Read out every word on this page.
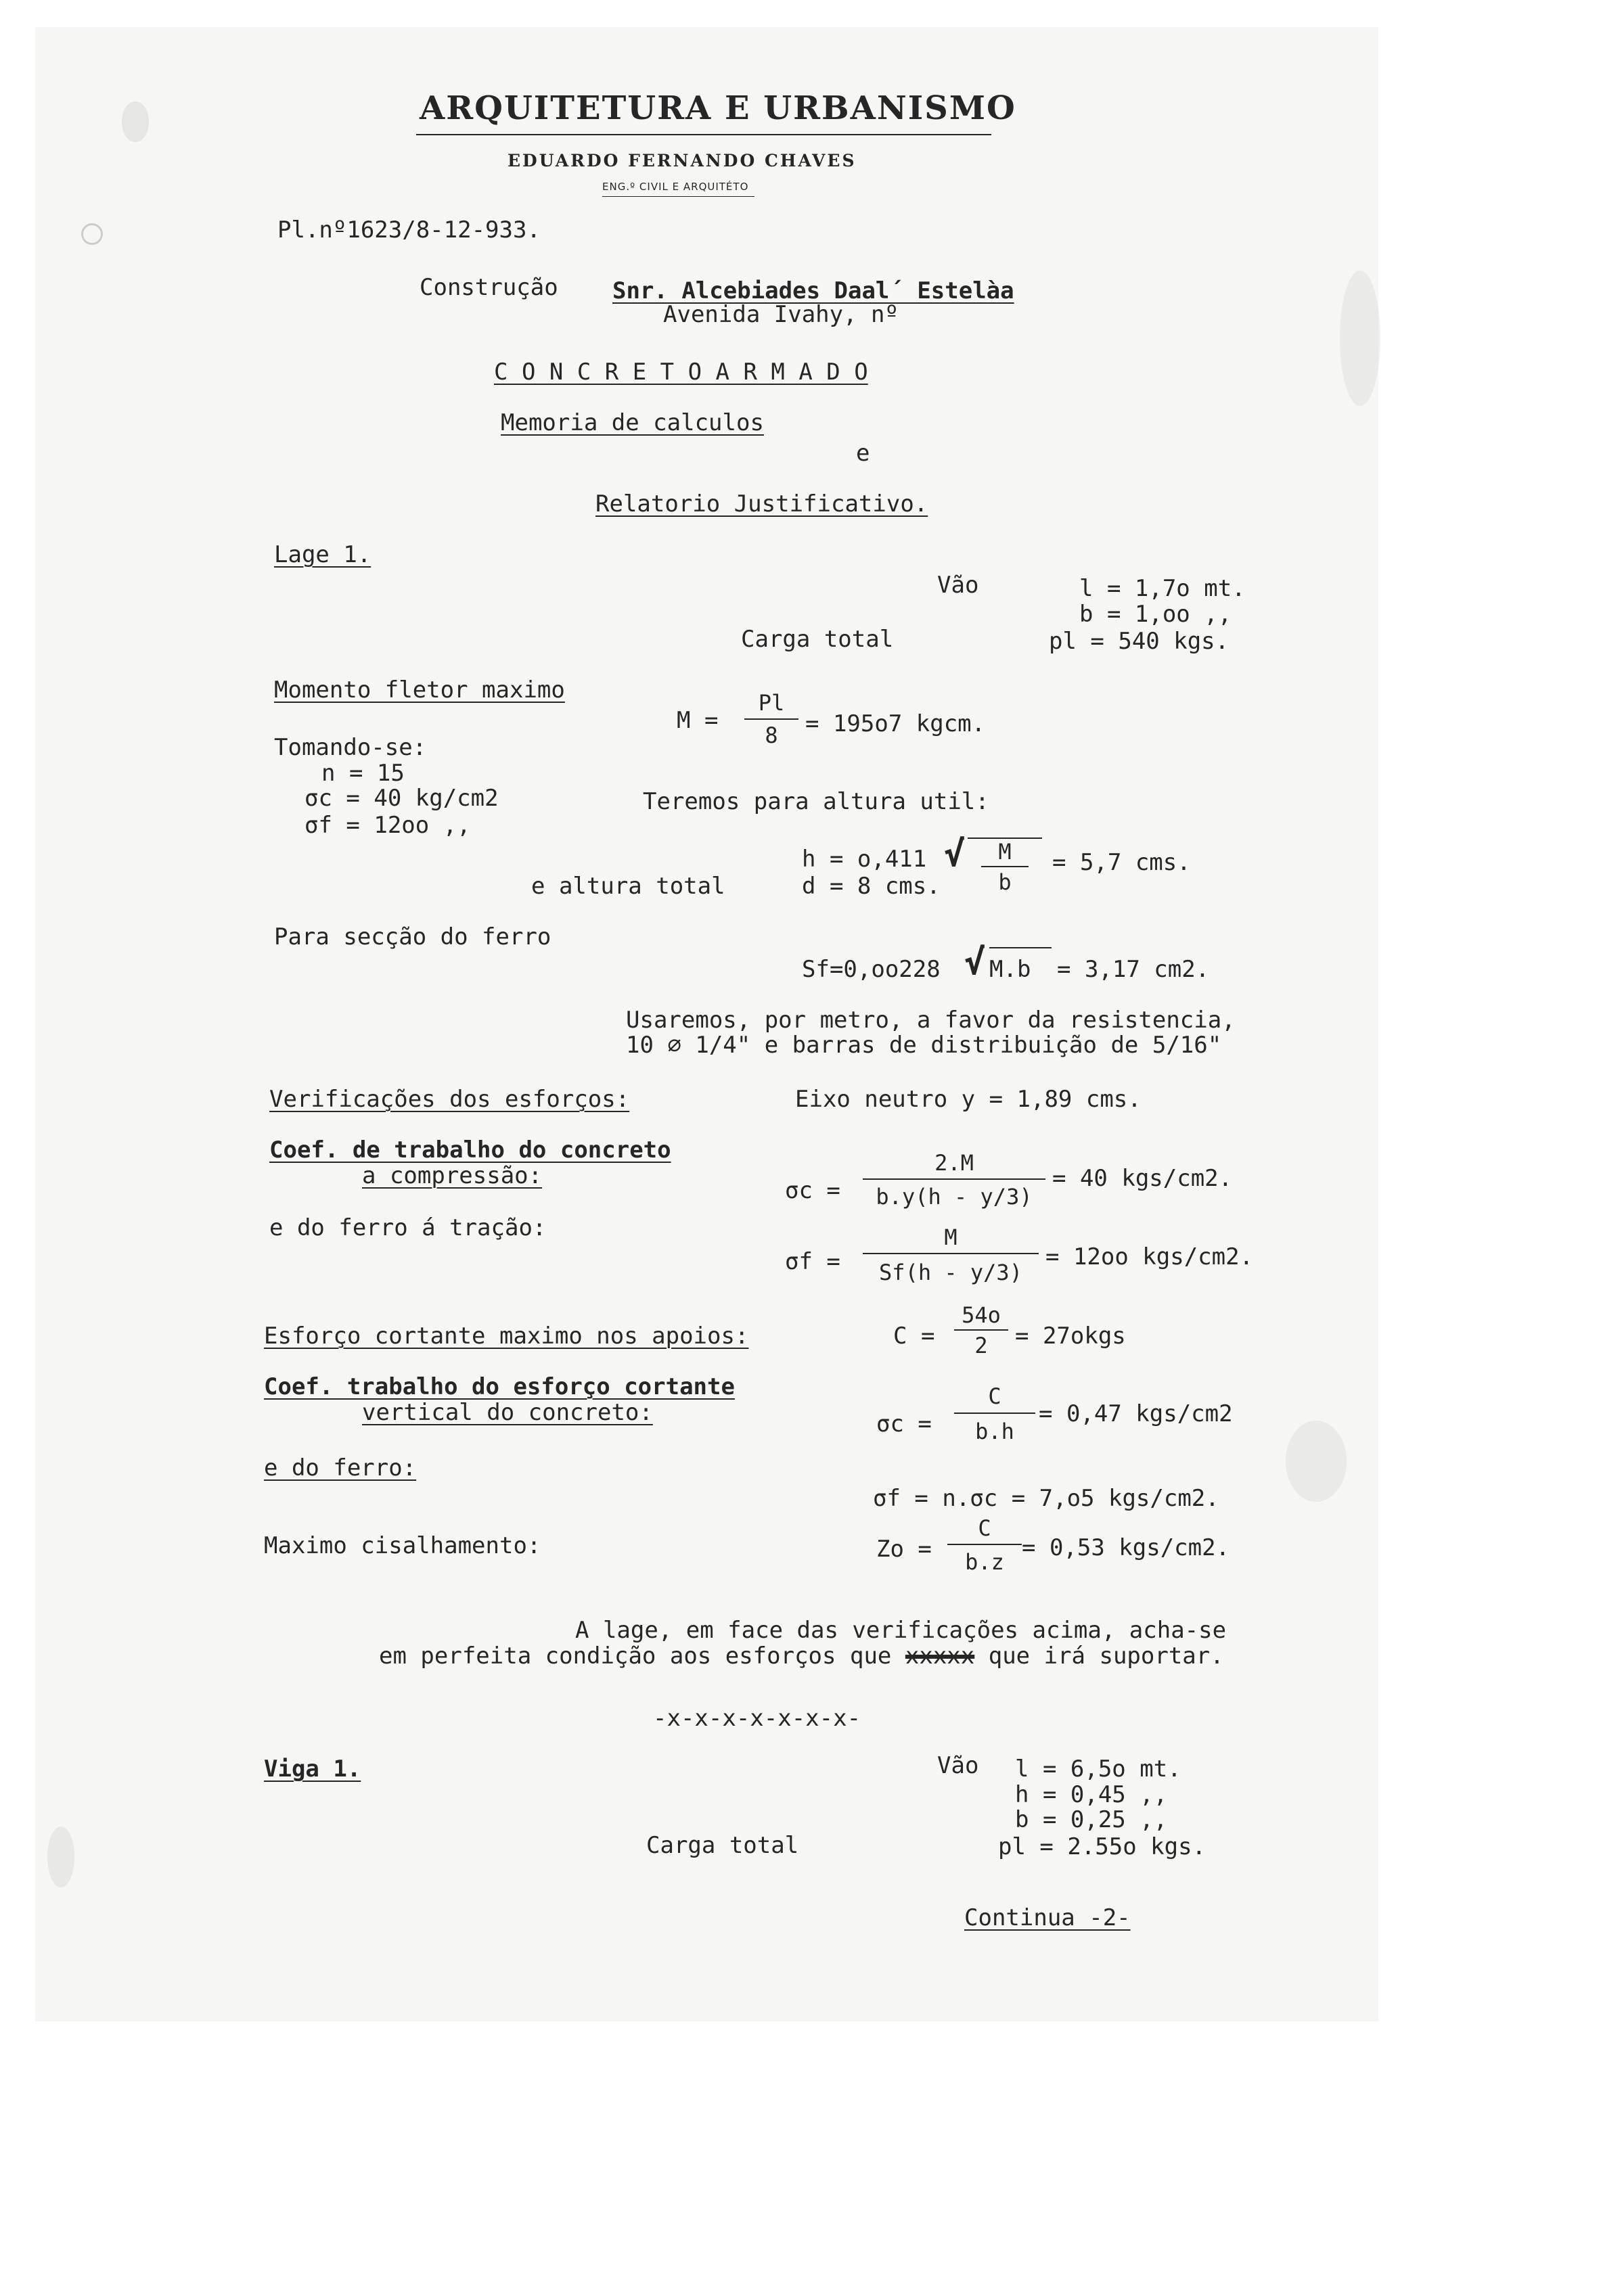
ARQUITETURA E URBANISMO
EDUARDO FERNANDO CHAVES
ENG.º CIVIL E ARQUITÉTO
Pl.nº1623/8-12-933.
Construção Snr. Alcebiades Daal´ Estelàa
Avenida Ivahy, nº
C O N C R E T O A R M A D O
Memoria de calculos
e
Relatorio Justificativo.
Lage 1.
Vão	l = 1,7o mt.
b = 1,oo ,,
Carga total	pl = 540 kgs.
Momento fletor maximo
M =
Pl
8	= 195o7 kgcm.
Tomando-se:
n = 15
σc = 40 kg/cm2
σf = 12oo ,,
Teremos para altura util:
h = o,411 √	M
b
= 5,7 cms.
e altura total	d = 8 cms.
Para secção do ferro
Sf=0,oo228 √ M.b = 3,17 cm2.
Usaremos, por metro, a favor da resistencia,
10 ∅ 1/4" e barras de distribuição de 5/16"
Verificações dos esforços:	Eixo neutro y = 1,89 cms.
Coef. de trabalho do concreto
a compressão:
σc =
2.M
b.y(h - y/3)
= 40 kgs/cm2.
e do ferro á tração:
σf =
M
Sf(h - y/3)
= 12oo kgs/cm2.
Esforço cortante maximo nos apoios:	C =
54o
2	= 27okgs
Coef. trabalho do esforço cortante
vertical do concreto:	σc =
C
b.h
= 0,47 kgs/cm2
e do ferro:
σf = n.σc = 7,o5 kgs/cm2.
Maximo cisalhamento:	Zo =
C
b.z
= 0,53 kgs/cm2.
A lage, em face das verificações acima, acha-se
em perfeita condição aos esforços que xxxxx que irá suportar.
-x-x-x-x-x-x-x-
Viga 1.	Vão l = 6,5o mt.
h = 0,45 ,,
b = 0,25 ,,
Carga total	pl = 2.55o kgs.
Continua -2-
